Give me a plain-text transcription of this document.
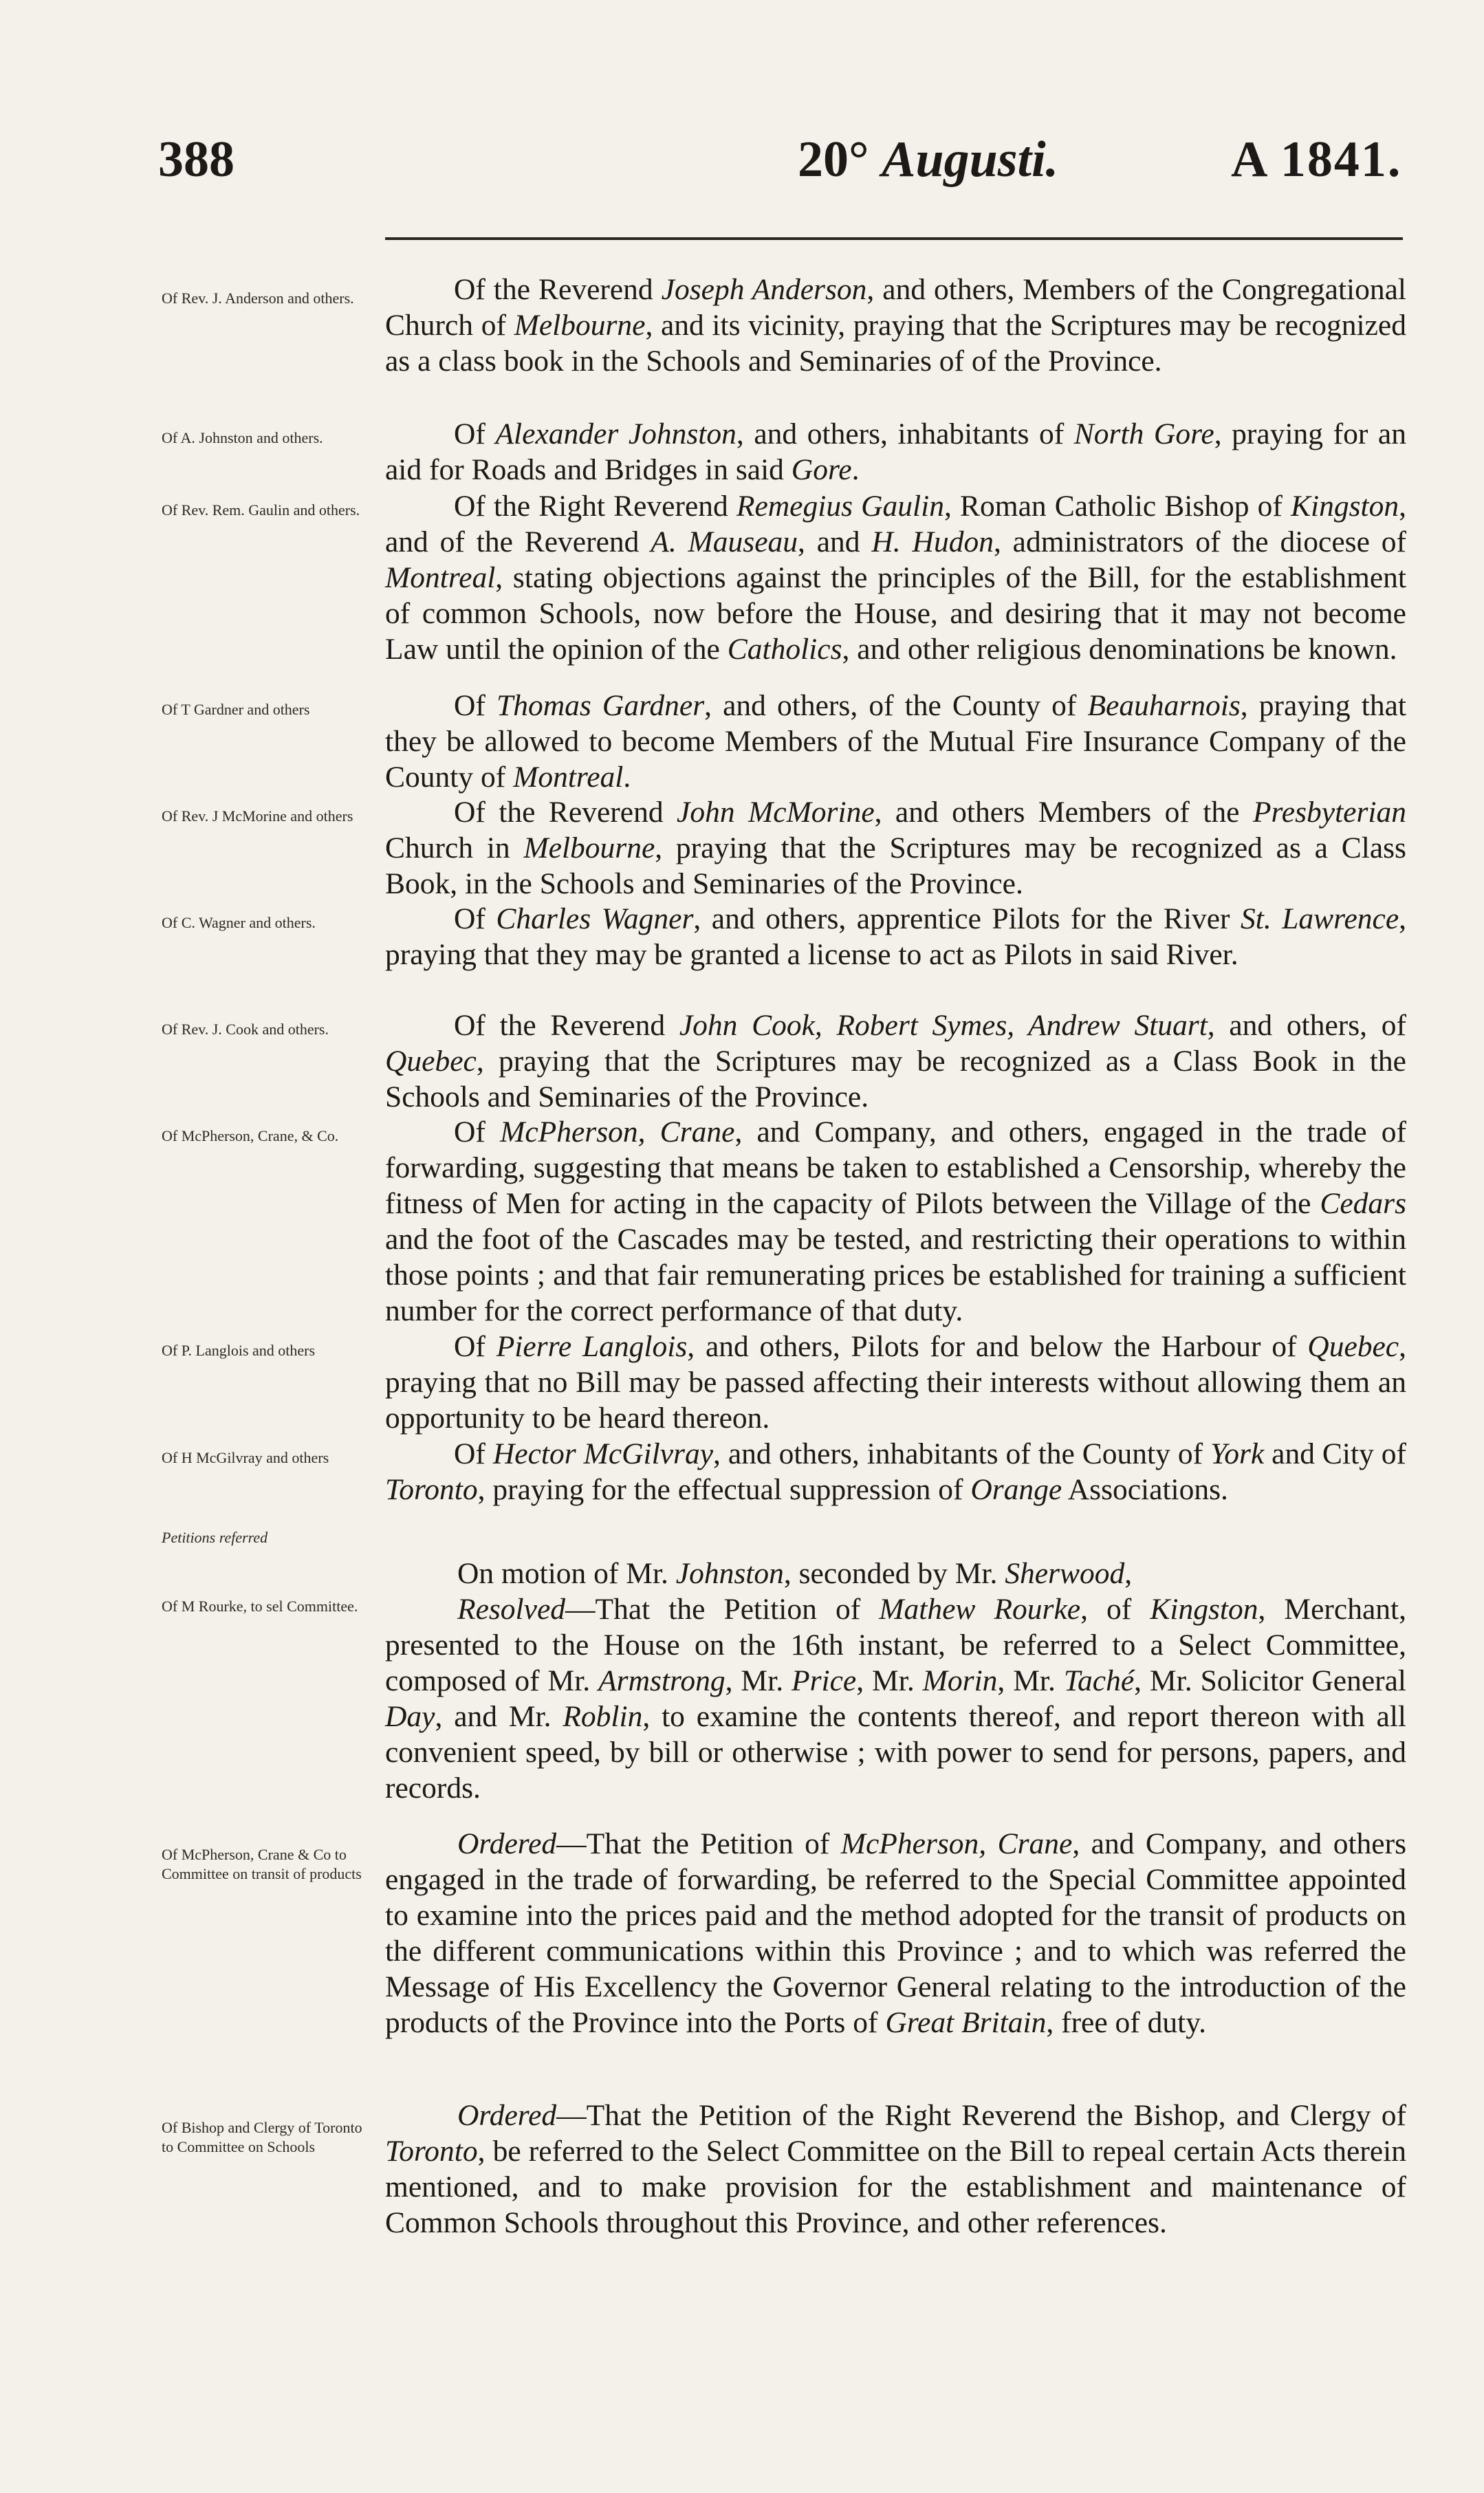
388	20° Augusti.	A 1841.
Of Rev. J. Anderson and others.	Of the Reverend Joseph Anderson, and others, Members of the Congregational Church of Melbourne, and its vicinity, praying that the Scriptures may be recognized as a class book in the Schools and Seminaries of of the Province.
Of A. Johnston and others.	Of Alexander Johnston, and others, inhabitants of North Gore, praying for an aid for Roads and Bridges in said Gore.
Of Rev. Rem. Gaulin and others.	Of the Right Reverend Remegius Gaulin, Roman Catholic Bishop of Kingston, and of the Reverend A. Mauseau, and H. Hudon, administrators of the diocese of Montreal, stating objections against the principles of the Bill, for the establishment of common Schools, now before the House, and desiring that it may not become Law until the opinion of the Catholics, and other religious denominations be known.
Of T Gardner and others	Of Thomas Gardner, and others, of the County of Beauharnois, praying that they be allowed to become Members of the Mutual Fire Insurance Company of the County of Montreal.
Of Rev. J McMorine and others	Of the Reverend John McMorine, and others Members of the Presbyterian Church in Melbourne, praying that the Scriptures may be recognized as a Class Book, in the Schools and Seminaries of the Province.
Of C. Wagner and others.	Of Charles Wagner, and others, apprentice Pilots for the River St. Lawrence, praying that they may be granted a license to act as Pilots in said River.
Of Rev. J. Cook and others.	Of the Reverend John Cook, Robert Symes, Andrew Stuart, and others, of Quebec, praying that the Scriptures may be recognized as a Class Book in the Schools and Seminaries of the Province.
Of McPherson, Crane, & Co.	Of McPherson, Crane, and Company, and others, engaged in the trade of forwarding, suggesting that means be taken to established a Censorship, whereby the fitness of Men for acting in the capacity of Pilots between the Village of the Cedars and the foot of the Cascades may be tested, and restricting their operations to within those points ; and that fair remunerating prices be established for training a sufficient number for the correct performance of that duty.
Of P. Langlois and others	Of Pierre Langlois, and others, Pilots for and below the Harbour of Quebec, praying that no Bill may be passed affecting their interests without allowing them an opportunity to be heard thereon.
Of H McGilvray and others	Of Hector McGilvray, and others, inhabitants of the County of York and City of Toronto, praying for the effectual suppression of Orange Associations.
Petitions referred
On motion of Mr. Johnston, seconded by Mr. Sherwood,
Of M Rourke, to sel Committee.	Resolved—That the Petition of Mathew Rourke, of Kingston, Merchant, presented to the House on the 16th instant, be referred to a Select Committee, composed of Mr. Armstrong, Mr. Price, Mr. Morin, Mr. Taché, Mr. Solicitor General Day, and Mr. Roblin, to examine the contents thereof, and report thereon with all convenient speed, by bill or otherwise ; with power to send for persons, papers, and records.
Of McPherson, Crane & Co to Committee on transit of products
Ordered—That the Petition of McPherson, Crane, and Company, and others engaged in the trade of forwarding, be referred to the Special Committee appointed to examine into the prices paid and the method adopted for the transit of products on the different communications within this Province ; and to which was referred the Message of His Excellency the Governor General relating to the introduction of the products of the Province into the Ports of Great Britain, free of duty.
Of Bishop and Clergy of Toronto to Committee on Schools
Ordered—That the Petition of the Right Reverend the Bishop, and Clergy of Toronto, be referred to the Select Committee on the Bill to repeal certain Acts therein mentioned, and to make provision for the establishment and maintenance of Common Schools throughout this Province, and other references.
